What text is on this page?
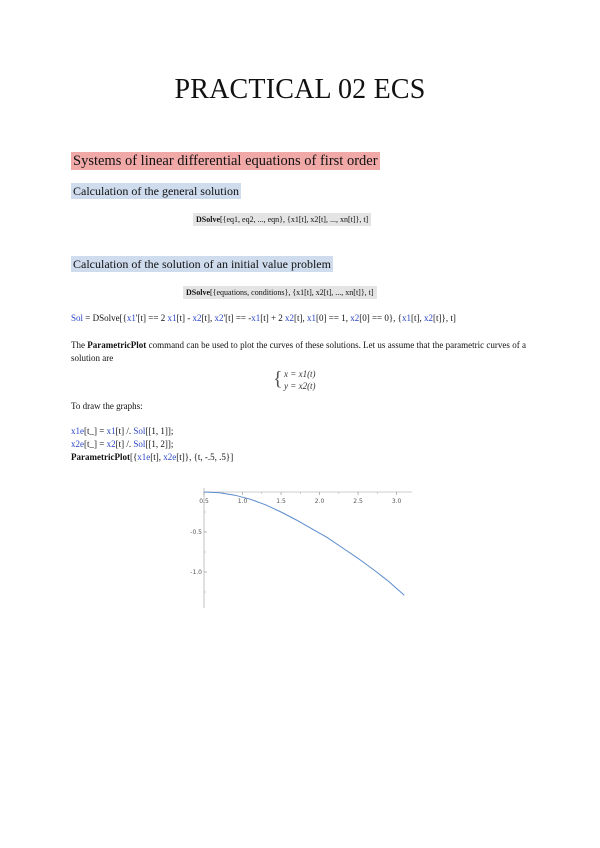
PRACTICAL 02 ECS
Systems of linear differential equations of first order
Calculation of the general solution
DSolve[{eq1, eq2, ..., eqn}, {x1[t], x2[t], ..., xn[t]}, t]
Calculation of the solution of an initial value problem
DSolve[{equations, conditions}, {x1[t], x2[t], ..., xn[t]}, t]
Sol = DSolve[{x1'[t] == 2 x1[t] - x2[t], x2'[t] == -x1[t] + 2 x2[t], x1[0] == 1, x2[0] == 0}, {x1[t], x2[t]}, t]
The ParametricPlot command can be used to plot the curves of these solutions. Let us assume that the parametric curves of a solution are
{ x = x1(t)
y = x2(t)
To draw the graphs:
x1e[t_] = x1[t] /. Sol[[1, 1]];
x2e[t_] = x2[t] /. Sol[[1, 2]];
ParametricPlot[{x1e[t], x2e[t]}, {t, -.5, .5}]
0.5	1.0	1.5	2.0	2.5	3.0
-0.5
-1.0
